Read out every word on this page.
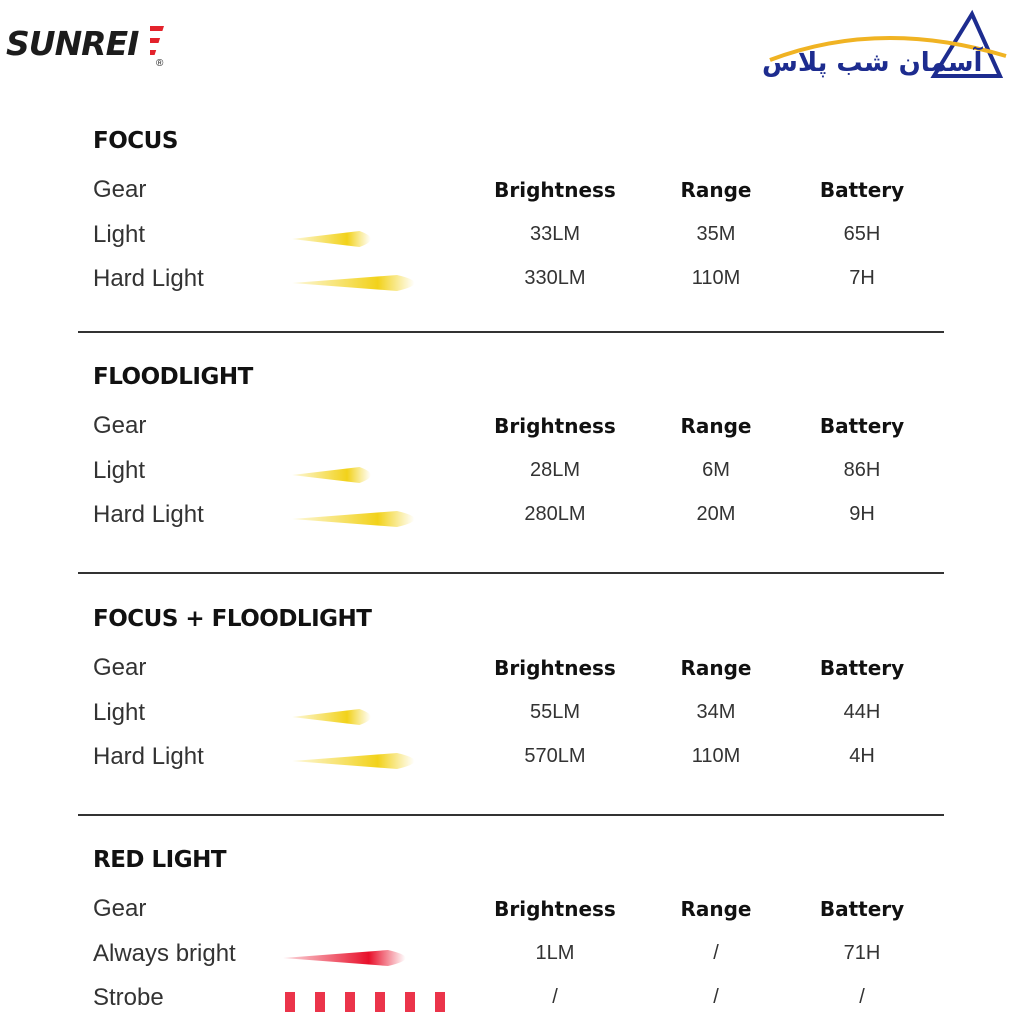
SUNREI
®	آسمان شب پلاس
FOCUS
Gear	Brightness	Range	Battery
Light	33LM	35M	65H
Hard Light	330LM	110M	7H
FLOODLIGHT
Gear	Brightness	Range	Battery
Light	28LM	6M	86H
Hard Light	280LM	20M	9H
FOCUS + FLOODLIGHT
Gear	Brightness	Range	Battery
Light	55LM	34M	44H
Hard Light	570LM	110M	4H
RED LIGHT
Gear	Brightness	Range	Battery
Always bright	1LM	/	71H
Strobe	/	/	/
